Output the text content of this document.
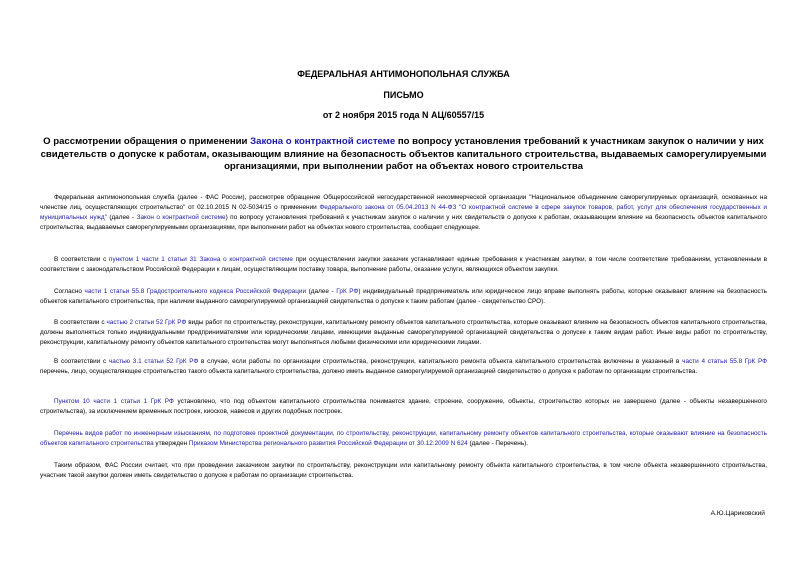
ФЕДЕРАЛЬНАЯ АНТИМОНОПОЛЬНАЯ СЛУЖБА
ПИСЬМО
от 2 ноября 2015 года N АЦ/60557/15
О рассмотрении обращения о применении Закона о контрактной системе по вопросу установления требований к участникам закупок о наличии у них свидетельств о допуске к работам, оказывающим влияние на безопасность объектов капитального строительства, выдаваемых саморегулируемыми организациями, при выполнении работ на объектах нового строительства
Федеральная антимонопольная служба (далее - ФАС России), рассмотрев обращение Общероссийской негосударственной некоммерческой организации "Национальное объединение саморегулируемых организаций, основанных на членстве лиц, осуществляющих строительство" от 02.10.2015 N 02-5034/15 о применении Федерального закона от 05.04.2013 N 44-ФЗ "О контрактной системе в сфере закупок товаров, работ, услуг для обеспечения государственных и муниципальных нужд" (далее - Закон о контрактной системе) по вопросу установления требований к участникам закупок о наличии у них свидетельств о допуске к работам, оказывающим влияние на безопасность объектов капитального строительства, выдаваемых саморегулируемыми организациями, при выполнении работ на объектах нового строительства, сообщает следующее.
В соответствии с пунктом 1 части 1 статьи 31 Закона о контрактной системе при осуществлении закупки заказчик устанавливает единые требования к участникам закупки, в том числе соответствие требованиям, установленным в соответствии с законодательством Российской Федерации к лицам, осуществляющим поставку товара, выполнение работы, оказание услуги, являющихся объектом закупки.
Согласно части 1 статьи 55.8 Градостроительного кодекса Российской Федерации (далее - ГрК РФ) индивидуальный предприниматель или юридическое лицо вправе выполнять работы, которые оказывают влияние на безопасность объектов капитального строительства, при наличии выданного саморегулируемой организацией свидетельства о допуске к таким работам (далее - свидетельство СРО).
В соответствии с частью 2 статьи 52 ГрК РФ виды работ по строительству, реконструкции, капитальному ремонту объектов капитального строительства, которые оказывают влияние на безопасность объектов капитального строительства, должны выполняться только индивидуальными предпринимателями или юридическими лицами, имеющими выданные саморегулируемой организацией свидетельства о допуске к таким видам работ. Иные виды работ по строительству, реконструкции, капитальному ремонту объектов капитального строительства могут выполняться любыми физическими или юридическими лицами.
В соответствии с частью 3.1 статьи 52 ГрК РФ в случае, если работы по организации строительства, реконструкции, капитального ремонта объекта капитального строительства включены в указанный в части 4 статьи 55.8 ГрК РФ перечень, лицо, осуществляющее строительство такого объекта капитального строительства, должно иметь выданное саморегулируемой организацией свидетельство о допуске к работам по организации строительства.
Пунктом 10 части 1 статьи 1 ГрК РФ установлено, что под объектом капитального строительства понимается здание, строение, сооружение, объекты, строительство которых не завершено (далее - объекты незавершенного строительства), за исключением временных построек, киосков, навесов и других подобных построек.
Перечень видов работ по инженерным изысканиям, по подготовке проектной документации, по строительству, реконструкции, капитальному ремонту объектов капитального строительства, которые оказывают влияние на безопасность объектов капитального строительства утвержден Приказом Министерства регионального развития Российской Федерации от 30.12.2009 N 624 (далее - Перечень).
Таким образом, ФАС России считает, что при проведении заказчиком закупки по строительству, реконструкции или капитальному ремонту объекта капитального строительства, в том числе объекта незавершенного строительства, участник такой закупки должен иметь свидетельство о допуске к работам по организации строительства.
А.Ю.Цариковский
